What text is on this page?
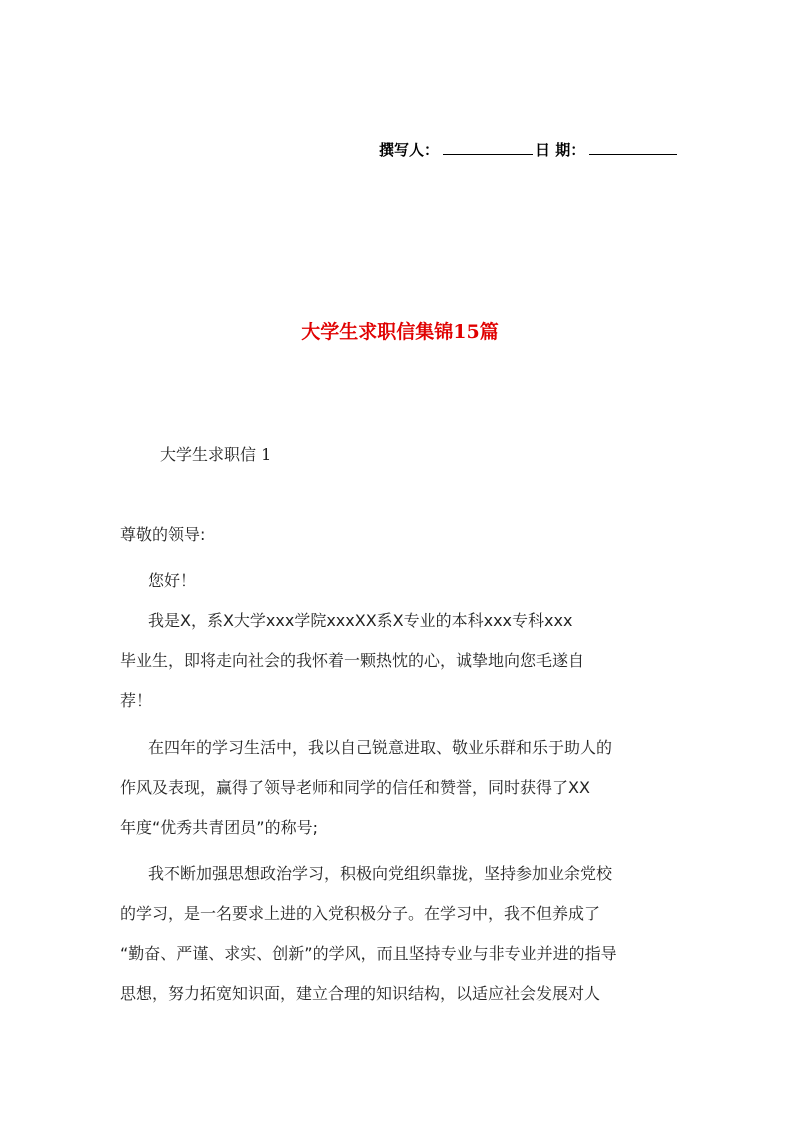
撰写人：	日 期：
大学生求职信集锦15篇
大学生求职信 1
尊敬的领导:

您好！

我是X，系X大学xxx学院xxxXX系X专业的本科xxx专科xxx
毕业生，即将走向社会的我怀着一颗热忱的心，诚挚地向您毛遂自
荐！
在四年的学习生活中，我以自己锐意进取、敬业乐群和乐于助人的
作风及表现，赢得了领导老师和同学的信任和赞誉，同时获得了XX
年度“优秀共青团员”的称号;
我不断加强思想政治学习，积极向党组织靠拢，坚持参加业余党校
的学习，是一名要求上进的入党积极分子。在学习中，我不但养成了
“勤奋、严谨、求实、创新”的学风，而且坚持专业与非专业并进的指导
思想，努力拓宽知识面，建立合理的知识结构，以适应社会发展对人
